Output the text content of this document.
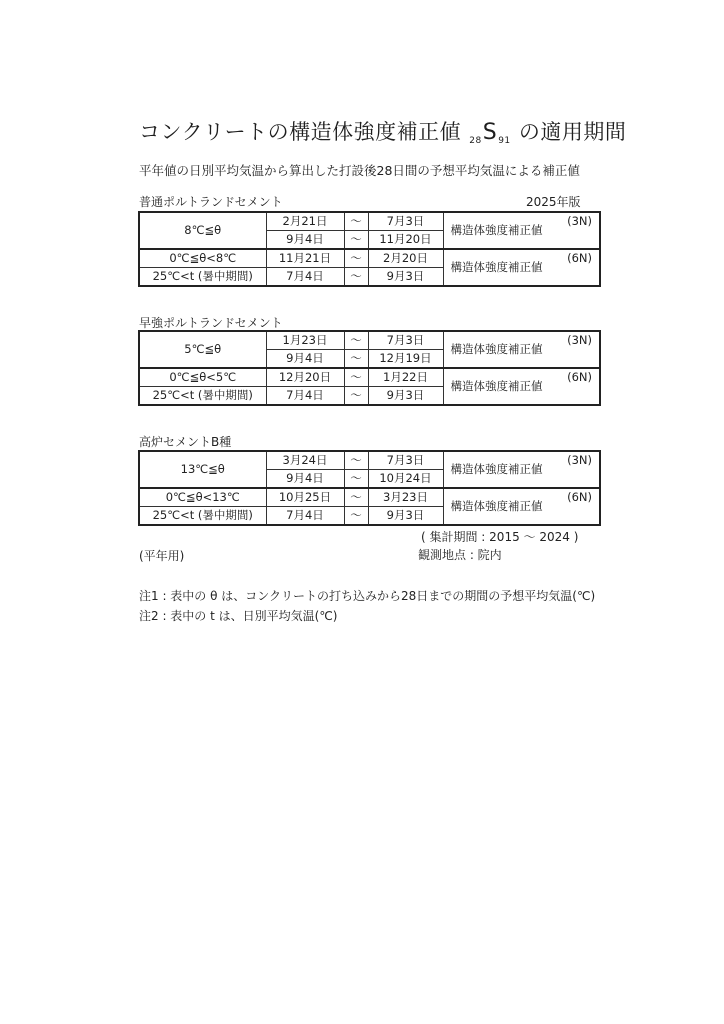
コンクリートの構造体強度補正値 $_{28}S_{91}$ の適用期間
平年値の日別平均気温から算出した打設後28日間の予想平均気温による補正値
普通ポルトランドセメント	2025年版
8℃≦θ	2月21日	〜	7月3日	構造体強度補正値
(3N)

	9月4日	〜	11月20日	
0℃≦θ<8℃	11月21日	〜	2月20日	構造体強度補正値
(6N)

25℃<t (暑中期間)	7月4日	〜	9月3日	
早強ポルトランドセメント
5℃≦θ	1月23日	〜	7月3日	構造体強度補正値
(3N)

	9月4日	〜	12月19日	
0℃≦θ<5℃	12月20日	〜	1月22日	構造体強度補正値
(6N)

25℃<t (暑中期間)	7月4日	〜	9月3日	
高炉セメントB種
13℃≦θ	3月24日	〜	7月3日	構造体強度補正値
(3N)

	9月4日	〜	10月24日	
0℃≦θ<13℃	10月25日	〜	3月23日	構造体強度補正値
(6N)

25℃<t (暑中期間)	7月4日	〜	9月3日	
( 集計期間 : 2015 〜 2024 )
(平年用)	観測地点 : 院内
注1 : 表中の θ は、コンクリートの打ち込みから28日までの期間の予想平均気温(℃)
注2 : 表中の t は、日別平均気温(℃)
